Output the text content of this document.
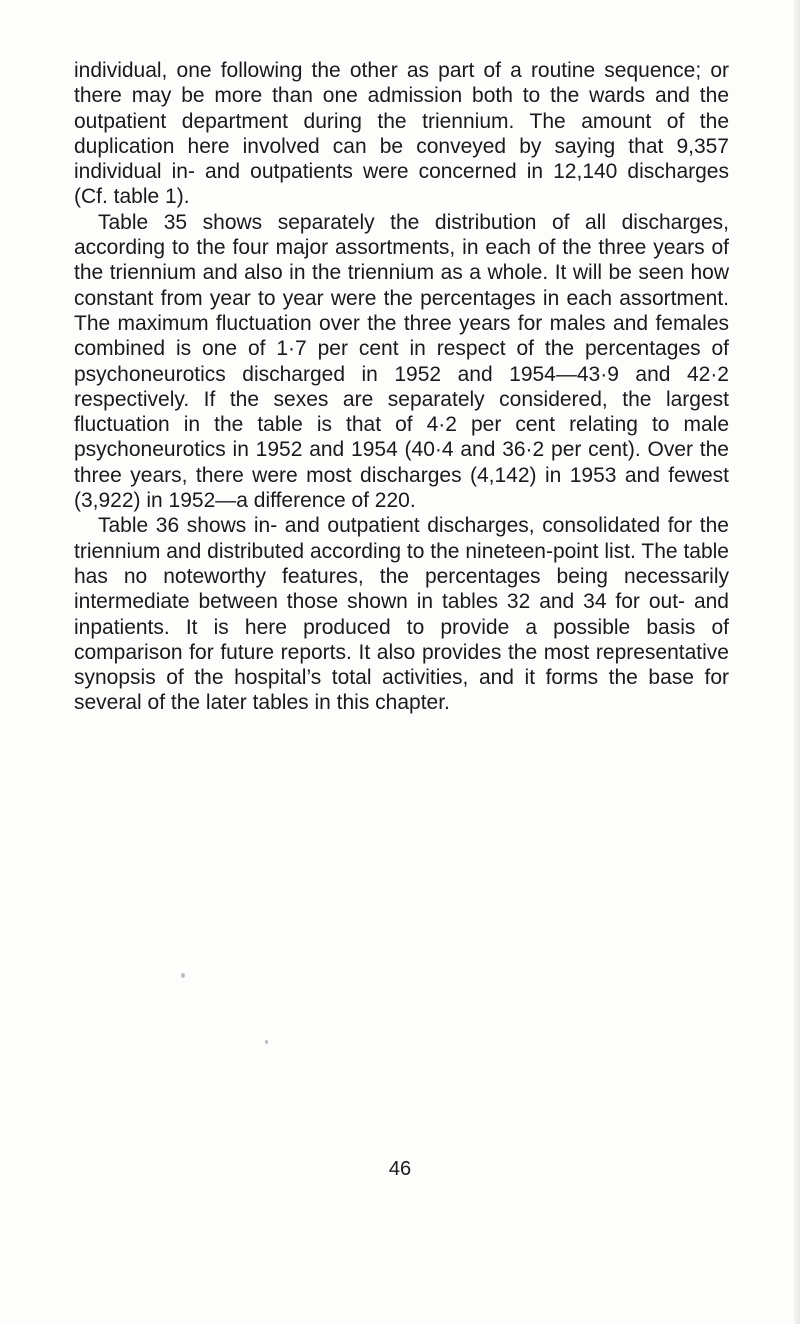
individual, one following the other as part of a routine sequence; or there may be more than one admission both to the wards and the outpatient department during the triennium. The amount of the duplication here involved can be conveyed by saying that 9,357 individual in- and outpatients were concerned in 12,140 discharges (Cf. table 1).

Table 35 shows separately the distribution of all discharges, according to the four major assortments, in each of the three years of the triennium and also in the triennium as a whole. It will be seen how constant from year to year were the percentages in each assortment. The maximum fluctuation over the three years for males and females combined is one of 1·7 per cent in respect of the percentages of psychoneurotics discharged in 1952 and 1954—43·9 and 42·2 respectively. If the sexes are separately considered, the largest fluctuation in the table is that of 4·2 per cent relating to male psychoneurotics in 1952 and 1954 (40·4 and 36·2 per cent). Over the three years, there were most discharges (4,142) in 1953 and fewest (3,922) in 1952—a difference of 220.

Table 36 shows in- and outpatient discharges, consolidated for the triennium and distributed according to the nineteen-point list. The table has no noteworthy features, the percentages being necessarily intermediate between those shown in tables 32 and 34 for out- and inpatients. It is here produced to provide a possible basis of comparison for future reports. It also provides the most representative synopsis of the hospital’s total activities, and it forms the base for several of the later tables in this chapter.

46
